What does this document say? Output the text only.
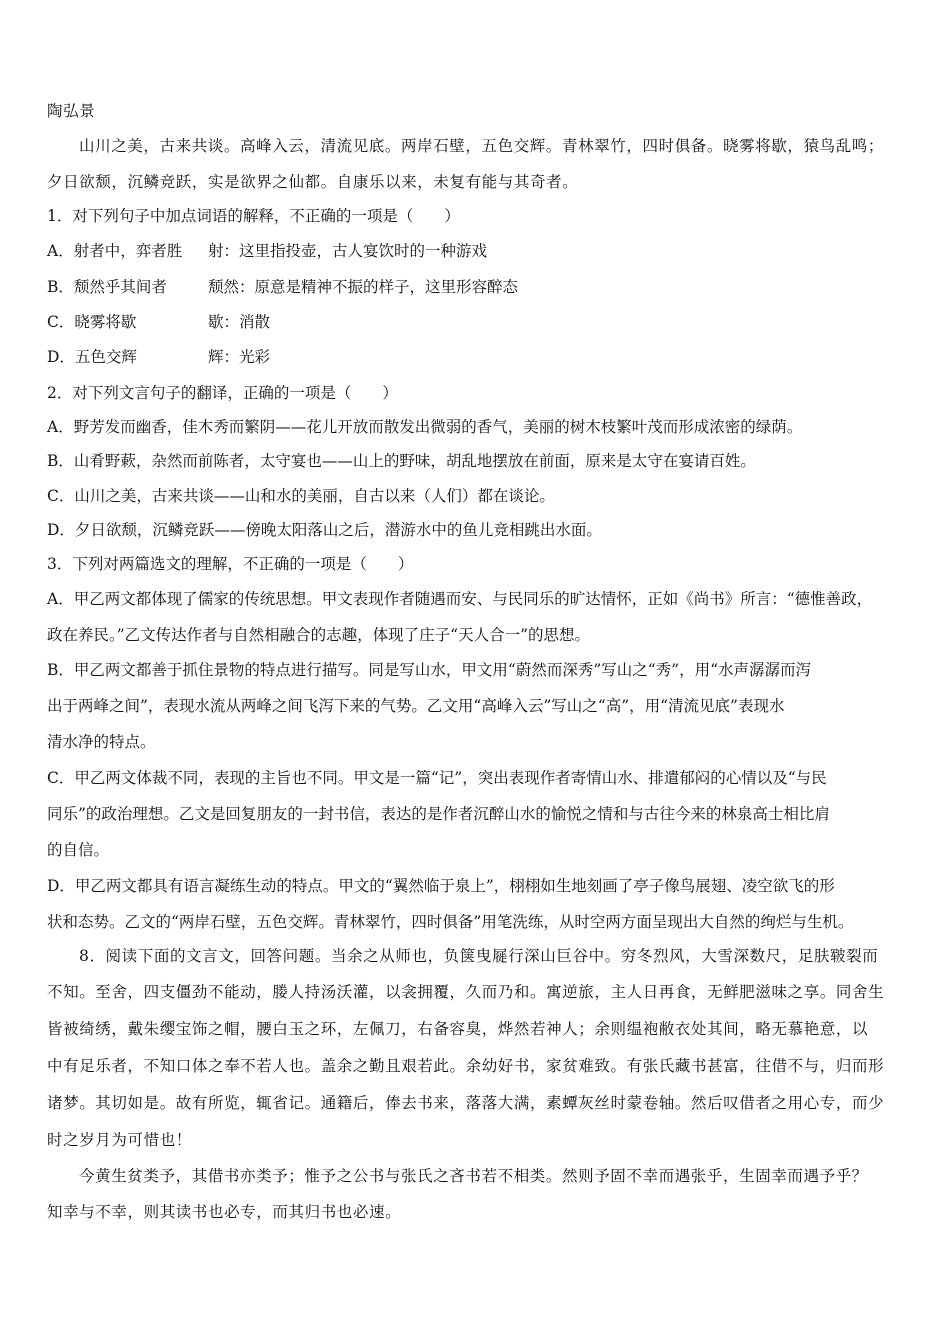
陶弘景
山川之美，古来共谈。高峰入云，清流见底。两岸石壁，五色交辉。青林翠竹，四时俱备。晓雾将歇，猿鸟乱鸣；
夕日欲颓，沉鳞竞跃，实是欲界之仙都。自康乐以来，未复有能与其奇者。
1．对下列句子中加点词语的解释，不正确的一项是（　　）
A．射者中，弈者胜 射：这里指投壶，古人宴饮时的一种游戏
B．颓然乎其间者	颓然：原意是精神不振的样子，这里形容醉态
C．晓雾将歇	歇：消散
D．五色交辉	辉：光彩
2．对下列文言句子的翻译，正确的一项是（　　）
A．野芳发而幽香，佳木秀而繁阴——花儿开放而散发出微弱的香气，美丽的树木枝繁叶茂而形成浓密的绿荫。
B．山肴野蔌，杂然而前陈者，太守宴也——山上的野味，胡乱地摆放在前面，原来是太守在宴请百姓。
C．山川之美，古来共谈——山和水的美丽，自古以来（人们）都在谈论。
D．夕日欲颓，沉鳞竞跃——傍晚太阳落山之后，潜游水中的鱼儿竞相跳出水面。
3．下列对两篇选文的理解，不正确的一项是（　　）
A．甲乙两文都体现了儒家的传统思想。甲文表现作者随遇而安、与民同乐的旷达情怀，正如《尚书》所言：“德惟善政，
政在养民。”乙文传达作者与自然相融合的志趣，体现了庄子“天人合一”的思想。
B．甲乙两文都善于抓住景物的特点进行描写。同是写山水，甲文用“蔚然而深秀”写山之“秀”，用“水声潺潺而泻
出于两峰之间”，表现水流从两峰之间飞泻下来的气势。乙文用“高峰入云”写山之“高”，用“清流见底”表现水
清水净的特点。
C．甲乙两文体裁不同，表现的主旨也不同。甲文是一篇“记”，突出表现作者寄情山水、排遣郁闷的心情以及“与民
同乐”的政治理想。乙文是回复朋友的一封书信，表达的是作者沉醉山水的愉悦之情和与古往今来的林泉高士相比肩
的自信。
D．甲乙两文都具有语言凝练生动的特点。甲文的“翼然临于泉上”，栩栩如生地刻画了亭子像鸟展翅、凌空欲飞的形
状和态势。乙文的“两岸石壁，五色交辉。青林翠竹，四时俱备”用笔洗练，从时空两方面呈现出大自然的绚烂与生机。
8．阅读下面的文言文，回答问题。当余之从师也，负箧曳屣行深山巨谷中。穷冬烈风，大雪深数尺，足肤皲裂而
不知。至舍，四支僵劲不能动，媵人持汤沃灌，以衾拥覆，久而乃和。寓逆旅，主人日再食，无鲜肥滋味之享。同舍生
皆被绮绣，戴朱缨宝饰之帽，腰白玉之环，左佩刀，右备容臭，烨然若神人；余则缊袍敝衣处其间，略无慕艳意，以
中有足乐者，不知口体之奉不若人也。盖余之勤且艰若此。余幼好书，家贫难致。有张氏藏书甚富，往借不与，归而形
诸梦。其切如是。故有所览，辄省记。通籍后，俸去书来，落落大满，素蟫灰丝时蒙卷轴。然后叹借者之用心专，而少
时之岁月为可惜也！
今黄生贫类予，其借书亦类予；惟予之公书与张氏之吝书若不相类。然则予固不幸而遇张乎，生固幸而遇予乎？
知幸与不幸，则其读书也必专，而其归书也必速。
